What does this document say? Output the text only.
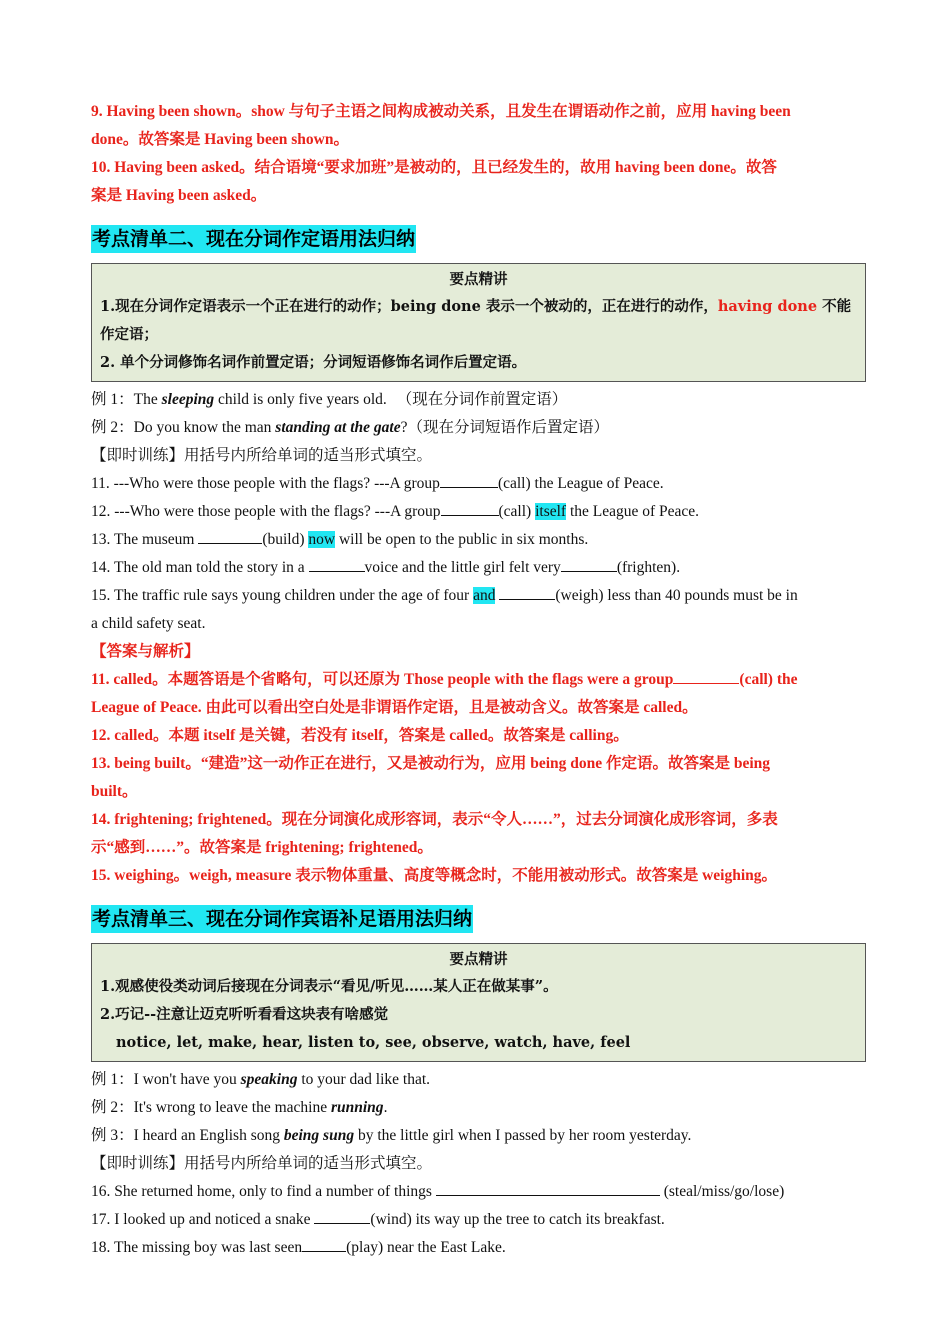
9. Having been shown。show 与句子主语之间构成被动关系，且发生在谓语动作之前，应用 having been
done。故答案是 Having been shown。
10. Having been asked。结合语境“要求加班”是被动的，且已经发生的，故用 having been done。故答
案是 Having been asked。
考点清单二、现在分词作定语用法归纳
要点精讲
1.现在分词作定语表示一个正在进行的动作；being done 表示一个被动的，正在进行的动作，having done 不能
作定语；
2. 单个分词修饰名词作前置定语；分词短语修饰名词作后置定语。
例 1：The sleeping child is only five years old. （现在分词作前置定语）
例 2：Do you know the man standing at the gate?（现在分词短语作后置定语）
【即时训练】用括号内所给单词的适当形式填空。
11. ---Who were those people with the flags? ---A group	(call) the League of Peace.
12. ---Who were those people with the flags? ---A group	(call) itself the League of Peace.
13. The museum	(build) now will be open to the public in six months.
14. The old man told the story in a	voice and the little girl felt very	(frighten).
15. The traffic rule says young children under the age of four and	(weigh) less than 40 pounds must be in
a child safety seat.
【答案与解析】
11. called。本题答语是个省略句，可以还原为 Those people with the flags were a group	(call) the
League of Peace. 由此可以看出空白处是非谓语作定语，且是被动含义。故答案是 called。
12. called。本题 itself 是关键，若没有 itself，答案是 called。故答案是 calling。
13. being built。“建造”这一动作正在进行，又是被动行为，应用 being done 作定语。故答案是 being
built。
14. frightening; frightened。现在分词演化成形容词，表示“令人……”，过去分词演化成形容词，多表
示“感到……”。故答案是 frightening; frightened。
15. weighing。weigh, measure 表示物体重量、高度等概念时，不能用被动形式。故答案是 weighing。
考点清单三、现在分词作宾语补足语用法归纳
要点精讲
1.观感使役类动词后接现在分词表示“看见/听见……某人正在做某事”。
2.巧记--注意让迈克听听看看这块表有啥感觉
notice, let, make, hear, listen to, see, observe, watch, have, feel
例 1：I won't have you speaking to your dad like that.
例 2：It's wrong to leave the machine running.
例 3：I heard an English song being sung by the little girl when I passed by her room yesterday.
【即时训练】用括号内所给单词的适当形式填空。
16. She returned home, only to find a number of things	(steal/miss/go/lose)
17. I looked up and noticed a snake	(wind) its way up the tree to catch its breakfast.
18. The missing boy was last seen	(play) near the East Lake.
